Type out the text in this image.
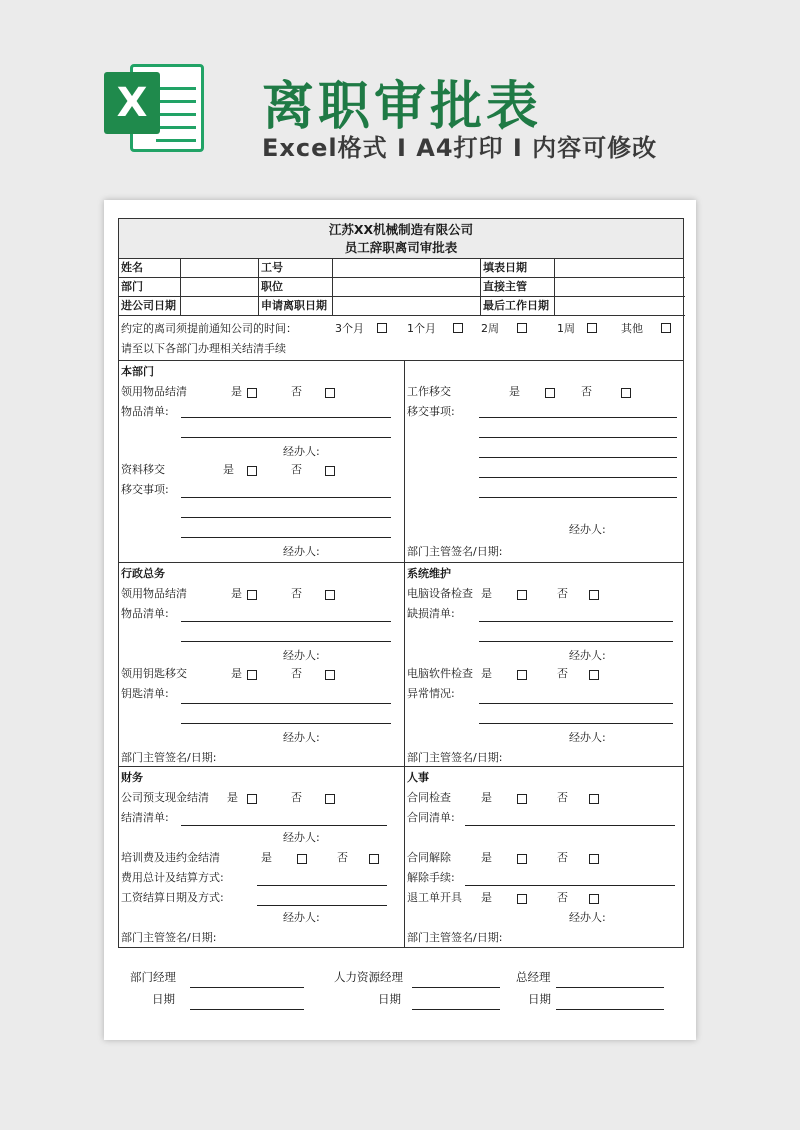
X 离职审批表
Excel格式 I A4打印 I 内容可修改
江苏XX机械制造有限公司
员工辞职离司审批表
姓名	工号	填表日期
部门	职位	直接主管
进公司日期	申请离职日期	最后工作日期
约定的离司须提前通知公司的时间：	3个月	1个月	2周	1周	其他
请至以下各部门办理相关结清手续
本部门
领用物品结清	是	否
物品清单:
经办人:
资料移交	是	否
移交事项:
经办人:
工作移交	是	否
移交事项:
经办人:
部门主管签名/日期:
行政总务
领用物品结清	是	否
物品清单:
经办人:
领用钥匙移交	是	否
钥匙清单:
经办人:
部门主管签名/日期:
系统维护
电脑设备检查 是	否
缺损清单:
经办人:
电脑软件检查 是	否
异常情况:
经办人:
部门主管签名/日期:
财务
公司预支现金结清 是	否
结清清单:
经办人:
培训费及违约金结清	是	否
费用总计及结算方式:
工资结算日期及方式:
经办人:
部门主管签名/日期:
人事
合同检查	是	否
合同清单:
合同解除	是	否
解除手续:
退工单开具 是	否
经办人:
部门主管签名/日期:
部门经理
日期
人力资源经理
日期
总经理
日期
